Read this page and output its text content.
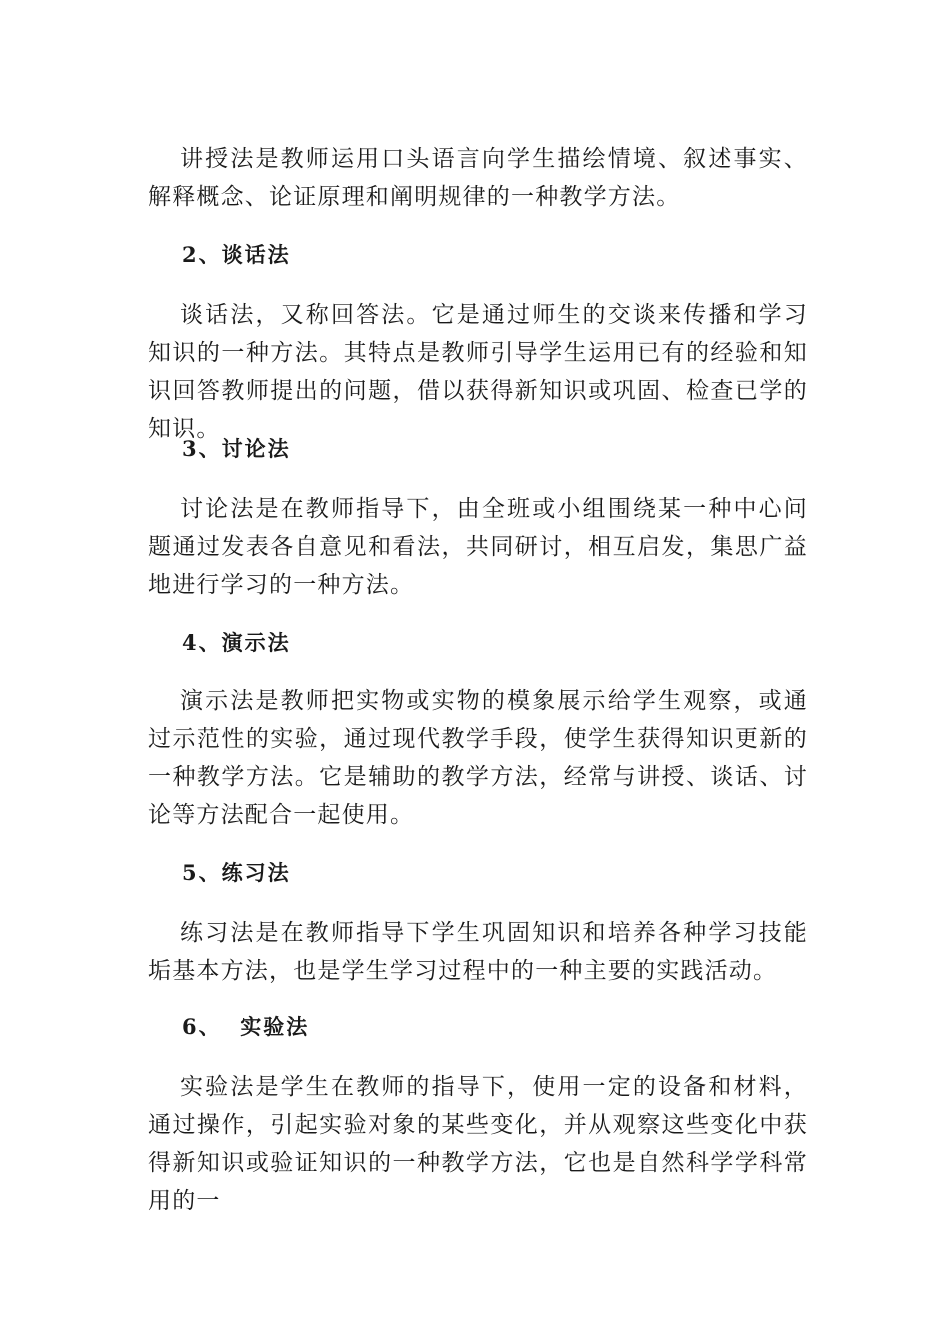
讲授法是教师运用口头语言向学生描绘情境、叙述事实、解释概念、论证原理和阐明规律的一种教学方法。

2、谈话法

谈话法，又称回答法。它是通过师生的交谈来传播和学习知识的一种方法。其特点是教师引导学生运用已有的经验和知识回答教师提出的问题，借以获得新知识或巩固、检查已学的知识。

3、讨论法

讨论法是在教师指导下，由全班或小组围绕某一种中心问题通过发表各自意见和看法，共同研讨，相互启发，集思广益地进行学习的一种方法。

4、演示法

演示法是教师把实物或实物的模象展示给学生观察，或通过示范性的实验，通过现代教学手段，使学生获得知识更新的一种教学方法。它是辅助的教学方法，经常与讲授、谈话、讨论等方法配合一起使用。

5、练习法

练习法是在教师指导下学生巩固知识和培养各种学习技能垢基本方法，也是学生学习过程中的一种主要的实践活动。

6、  实验法

实验法是学生在教师的指导下，使用一定的设备和材料，通过操作，引起实验对象的某些变化，并从观察这些变化中获得新知识或验证知识的一种教学方法，它也是自然科学学科常用的一
